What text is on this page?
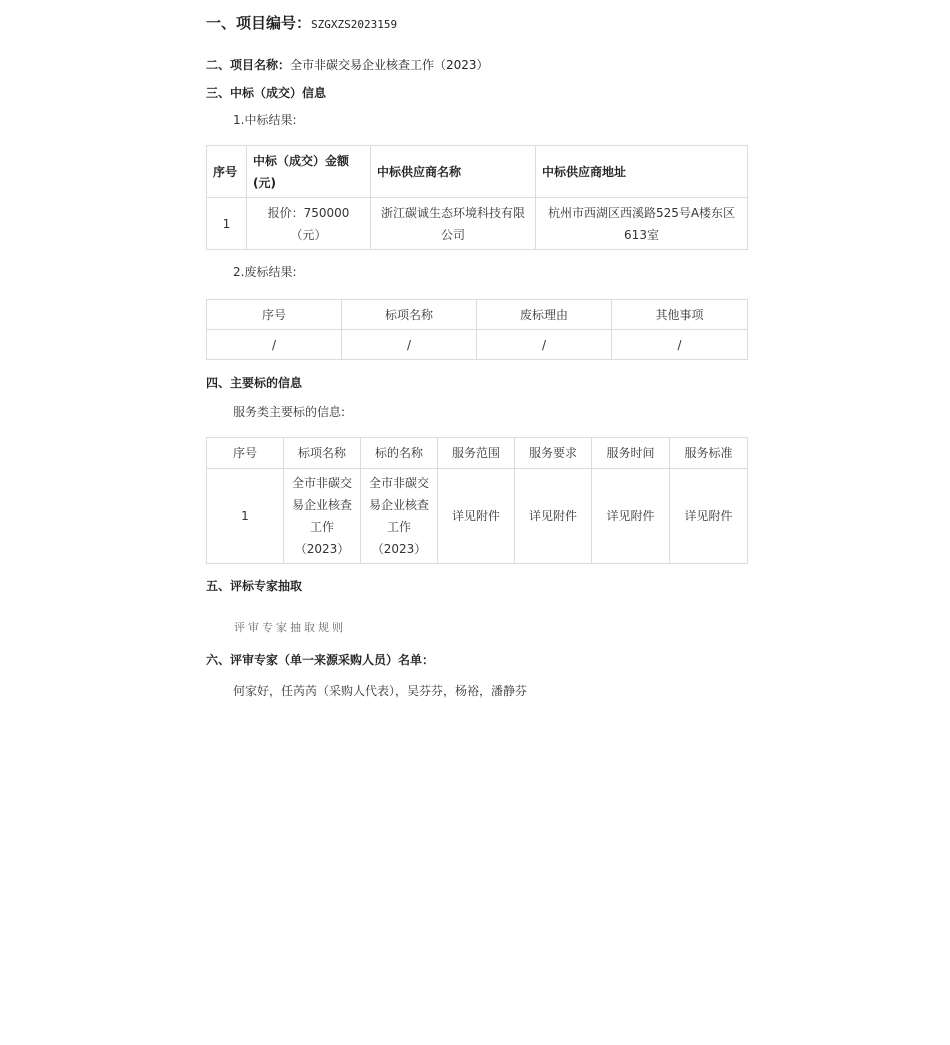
一、项目编号：SZGXZS2023159
二、项目名称：全市非碳交易企业核查工作（2023）
三、中标（成交）信息
1.中标结果:
序号	中标（成交）金额(元)	中标供应商名称	中标供应商地址
1	报价：750000（元）	浙江碳诚生态环境科技有限公司	杭州市西湖区西溪路525号A楼东区613室
2.废标结果:
序号	标项名称	废标理由	其他事项
/	/	/	/
四、主要标的信息
服务类主要标的信息:
序号	标项名称	标的名称	服务范围	服务要求	服务时间	服务标准
1	全市非碳交易企业核查工作（2023）	全市非碳交易企业核查工作（2023）	详见附件	详见附件	详见附件	详见附件
五、评标专家抽取
评审专家抽取规则
六、评审专家（单一来源采购人员）名单：
何家好，任芮芮（采购人代表），吴芬芬，杨裕，潘静芬
